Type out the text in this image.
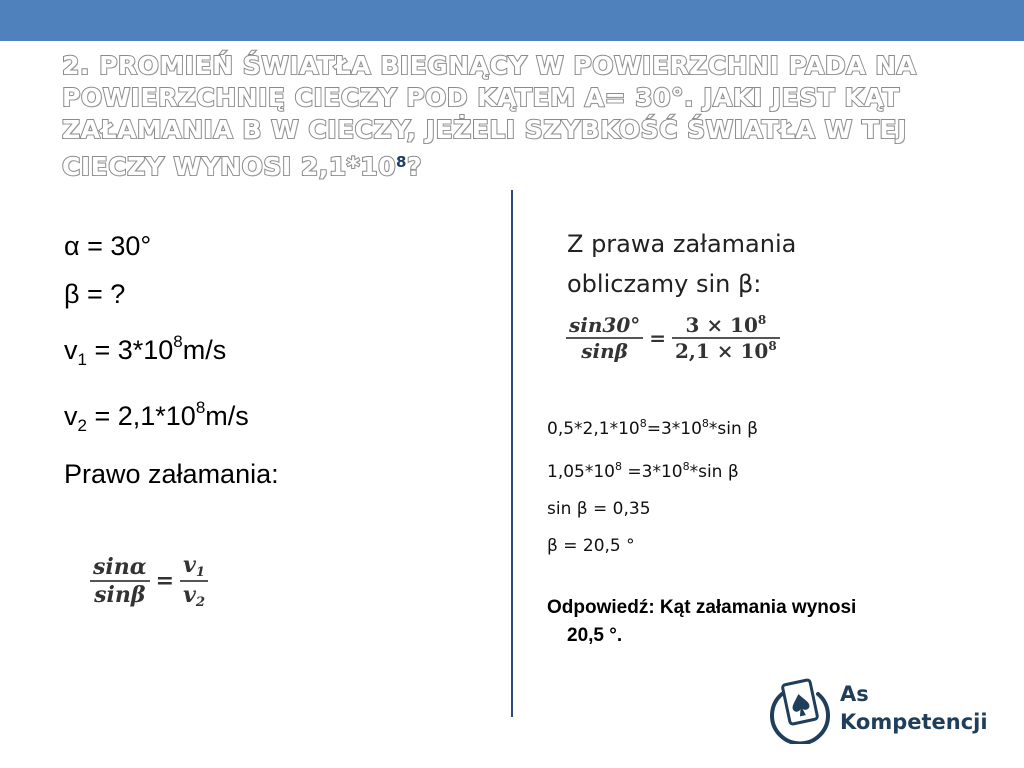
2. PROMIEŃ ŚWIATŁA BIEGNĄCY W POWIERZCHNI PADA NA POWIERZCHNIĘ CIECZY POD KĄTEM Α= 30°. JAKI JEST KĄT ZAŁAMANIA Β W CIECZY, JEŻELI SZYBKOŚĆ ŚWIATŁA W TEJ CIECZY WYNOSI $2,1*10^8$?
α = 30°
β = ?
$v_1 = 3*10^8m/s$
$v_2 = 2,1*10^8m/s$
Prawo załamania:
$\frac{\sin\alpha}{\sin\beta} = \frac{v_1}{v_2}$
Z prawa załamania obliczamy sin β:
$\frac{\sin 30^\circ}{\sin\beta} = \frac{3 \times 10^8}{2,1 \times 10^8}$
$0,5*2,1*10^8=3*10^8*\sin$ β
$1,05*10^8 =3*10^8*\sin$ β
sin β = 0,35
β = 20,5 °
Odpowiedź: Kąt załamania wynosi
20,5 °.
As
Kompetencji
